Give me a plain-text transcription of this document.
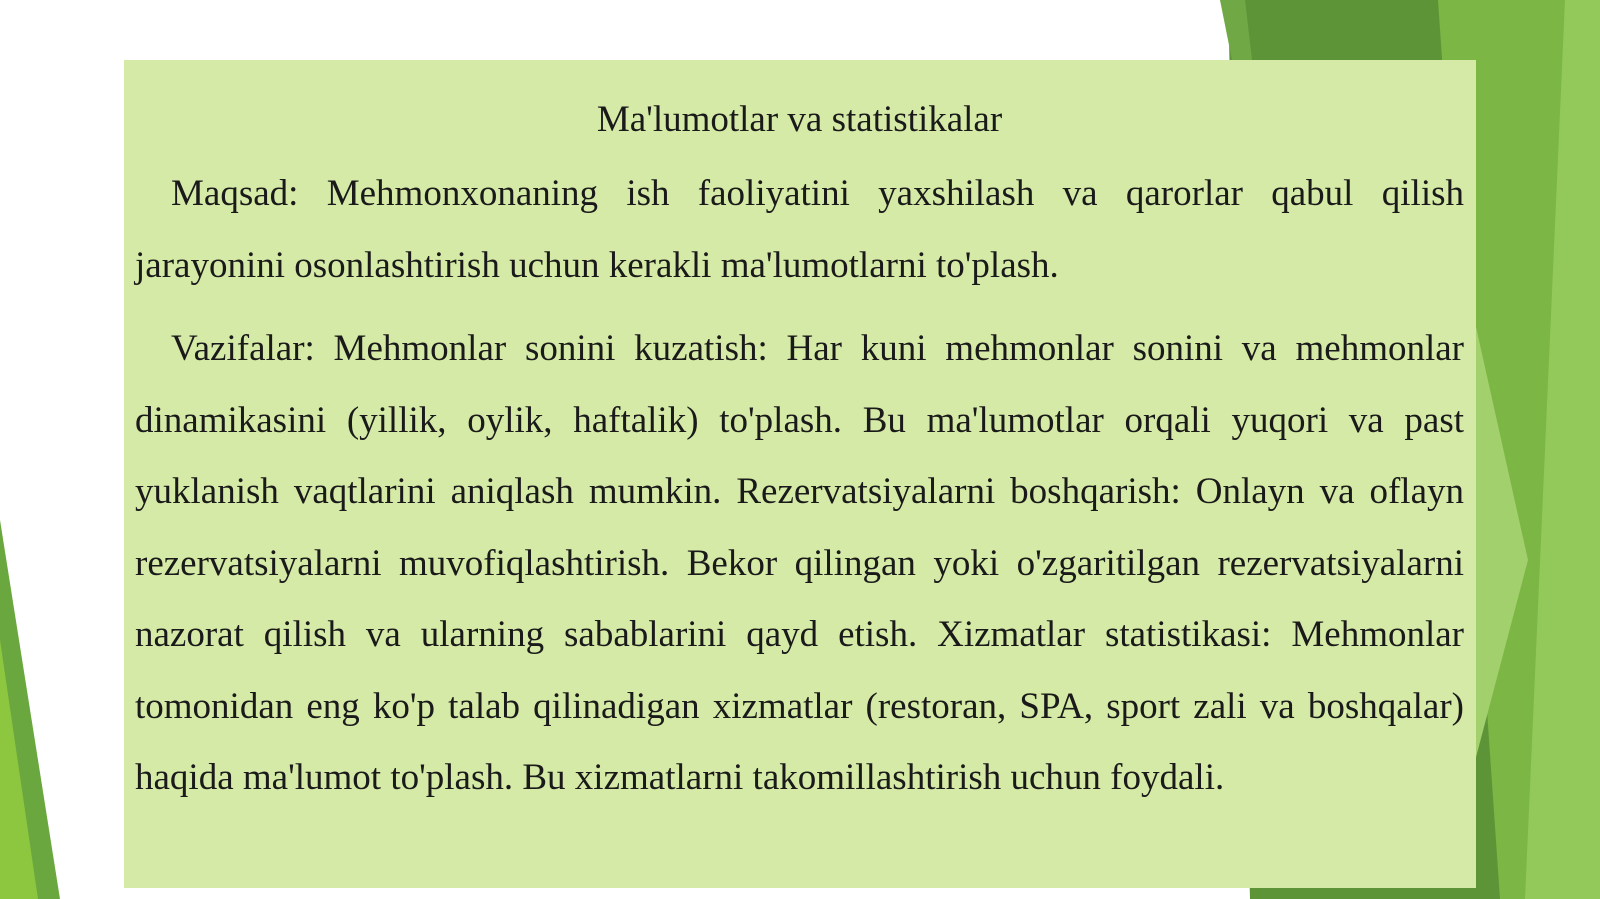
Ma'lumotlar va statistikalar

Maqsad: Mehmonxonaning ish faoliyatini yaxshilash va qarorlar qabul qilish jarayonini osonlashtirish uchun kerakli ma'lumotlarni to'plash.

Vazifalar: Mehmonlar sonini kuzatish: Har kuni mehmonlar sonini va mehmonlar dinamikasini (yillik, oylik, haftalik) to'plash. Bu ma'lumotlar orqali yuqori va past yuklanish vaqtlarini aniqlash mumkin. Rezervatsiyalarni boshqarish: Onlayn va oflayn rezervatsiyalarni muvofiqlashtirish. Bekor qilingan yoki o'zgaritilgan rezervatsiyalarni nazorat qilish va ularning sabablarini qayd etish. Xizmatlar statistikasi: Mehmonlar tomonidan eng ko'p talab qilinadigan xizmatlar (restoran, SPA, sport zali va boshqalar) haqida ma'lumot to'plash. Bu xizmatlarni takomillashtirish uchun foydali.
